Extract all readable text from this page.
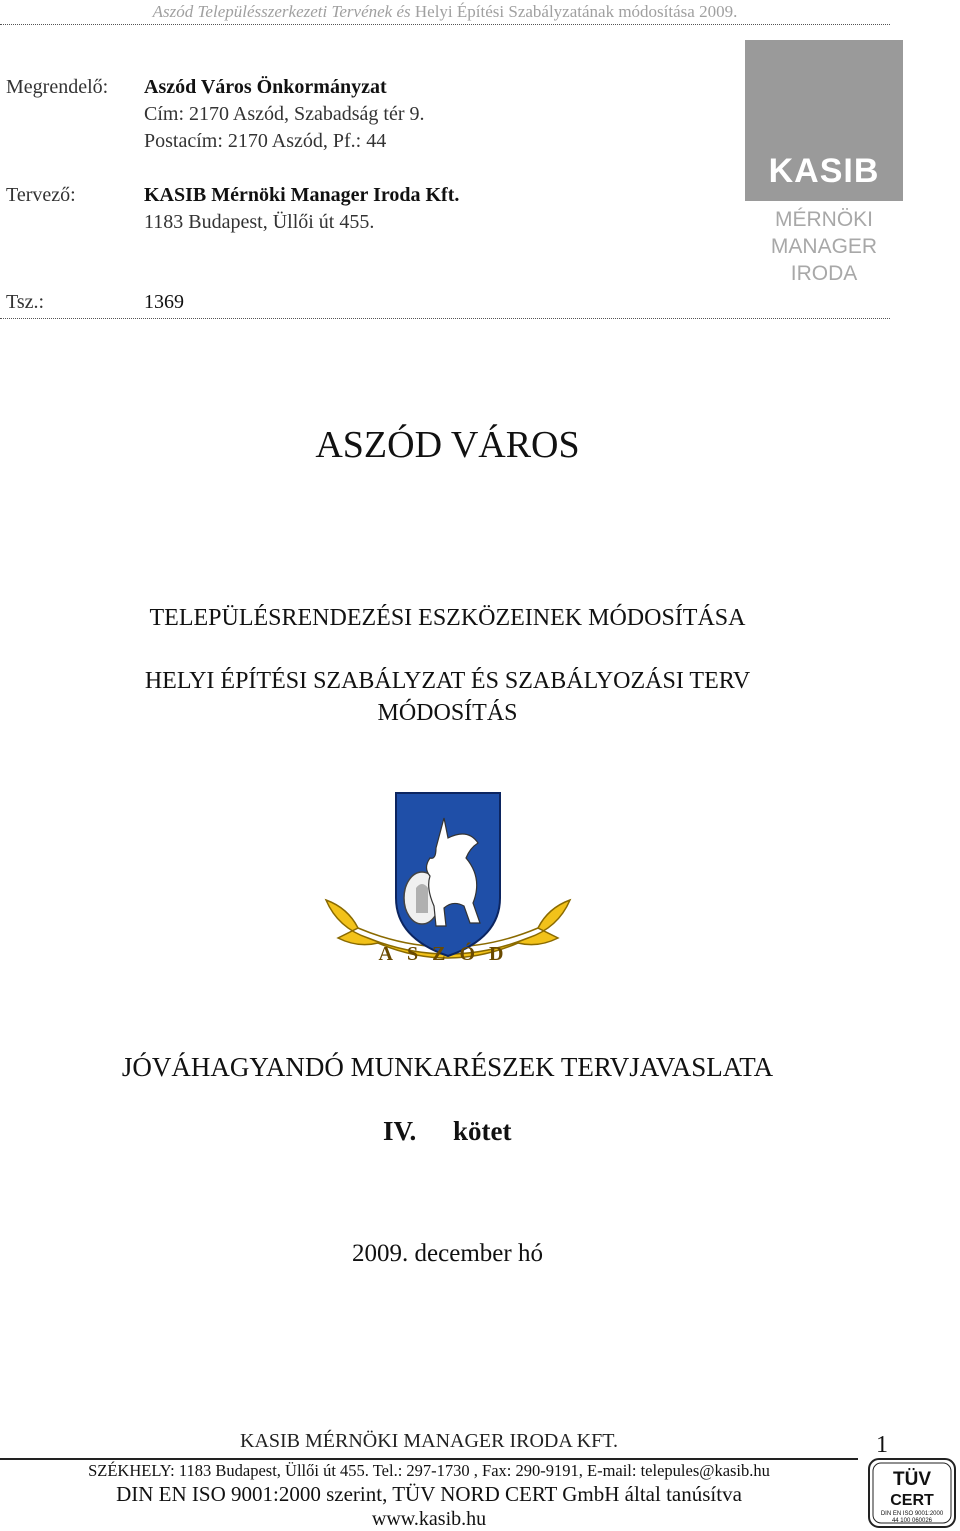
Aszód Településszerkezeti Tervének és Helyi Építési Szabályzatának módosítása 2009.
Megrendelő: Aszód Város Önkormányzat
Cím: 2170 Aszód, Szabadság tér 9.
Postacím: 2170 Aszód, Pf.: 44
Tervező:	KASIB Mérnöki Manager Iroda Kft.
1183 Budapest, Üllői út 455.
Tsz.:	1369
KASIB
MÉRNÖKI
MANAGER
IRODA
ASZÓD VÁROS
TELEPÜLÉSRENDEZÉSI ESZKÖZEINEK MÓDOSÍTÁSA
HELYI ÉPÍTÉSI SZABÁLYZAT ÉS SZABÁLYOZÁSI TERV
MÓDOSÍTÁS
ASZÓD
JÓVÁHAGYANDÓ MUNKARÉSZEK TERVJAVASLATA
IV. kötet
2009. december hó
KASIB MÉRNÖKI MANAGER IRODA KFT.	1
SZÉKHELY: 1183 Budapest, Üllői út 455. Tel.: 297-1730 , Fax: 290-9191, E-mail: telepules@kasib.hu
DIN EN ISO 9001:2000 szerint, TÜV NORD CERT GmbH által tanúsítva
www.kasib.hu
TÜV
CERT
DIN EN ISO 9001:2000
44 100 060026
